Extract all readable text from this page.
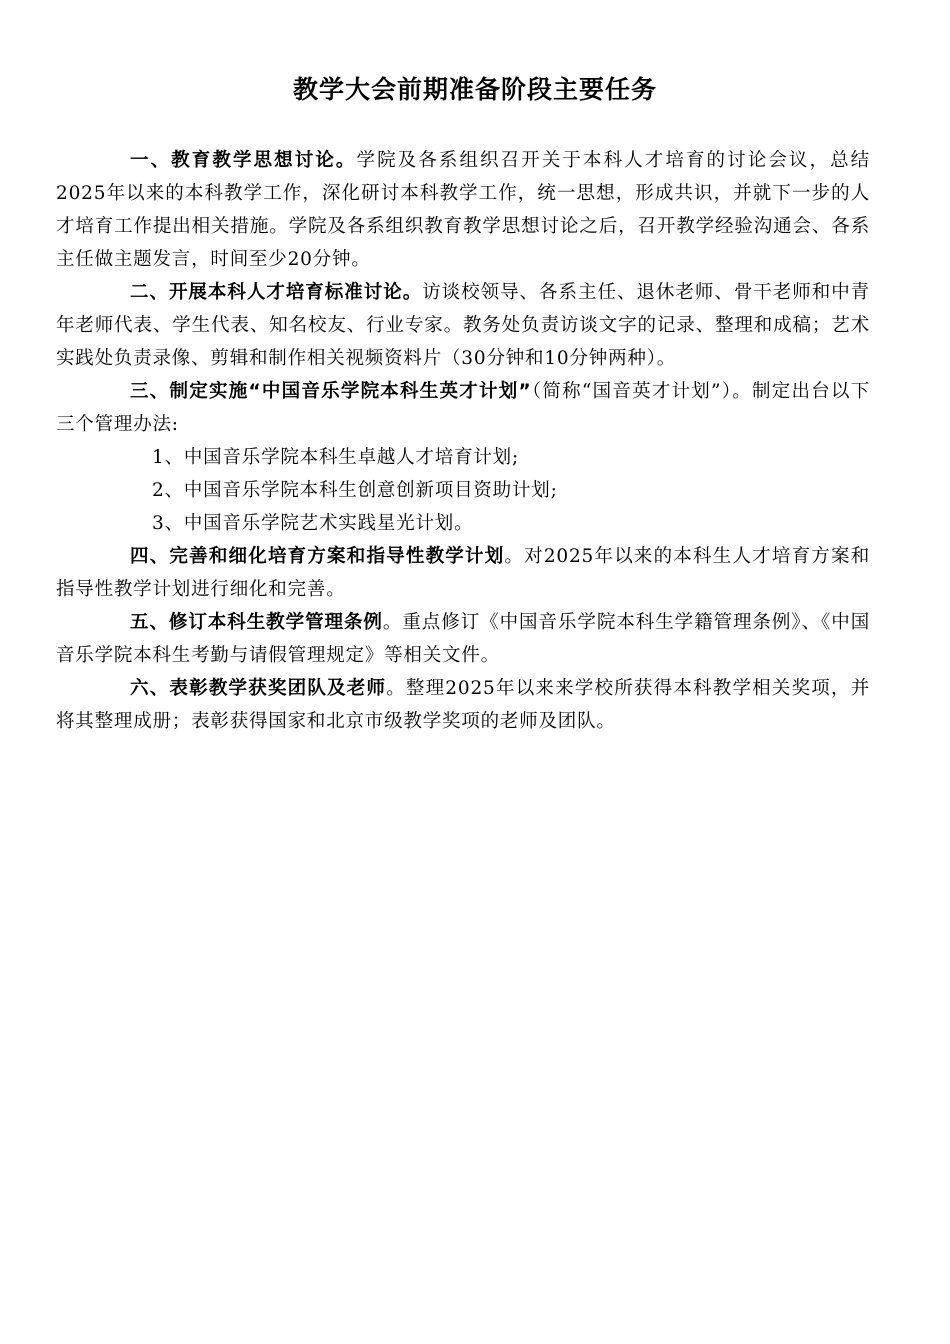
教学大会前期准备阶段主要任务

一、教育教学思想讨论。学院及各系组织召开关于本科人才培育的讨论会议，总结2025年以来的本科教学工作，深化研讨本科教学工作，统一思想，形成共识，并就下一步的人才培育工作提出相关措施。学院及各系组织教育教学思想讨论之后，召开教学经验沟通会、各系主任做主题发言，时间至少20分钟。

二、开展本科人才培育标准讨论。访谈校领导、各系主任、退休老师、骨干老师和中青年老师代表、学生代表、知名校友、行业专家。教务处负责访谈文字的记录、整理和成稿；艺术实践处负责录像、剪辑和制作相关视频资料片（30分钟和10分钟两种）。

三、制定实施“中国音乐学院本科生英才计划”（简称“国音英才计划”）。制定出台以下三个管理办法:

1、中国音乐学院本科生卓越人才培育计划;

2、中国音乐学院本科生创意创新项目资助计划;

3、中国音乐学院艺术实践星光计划。

四、完善和细化培育方案和指导性教学计划。对2025年以来的本科生人才培育方案和指导性教学计划进行细化和完善。

五、修订本科生教学管理条例。重点修订《中国音乐学院本科生学籍管理条例》、《中国音乐学院本科生考勤与请假管理规定》等相关文件。

六、表彰教学获奖团队及老师。整理2025年以来来学校所获得本科教学相关奖项，并将其整理成册；表彰获得国家和北京市级教学奖项的老师及团队。
